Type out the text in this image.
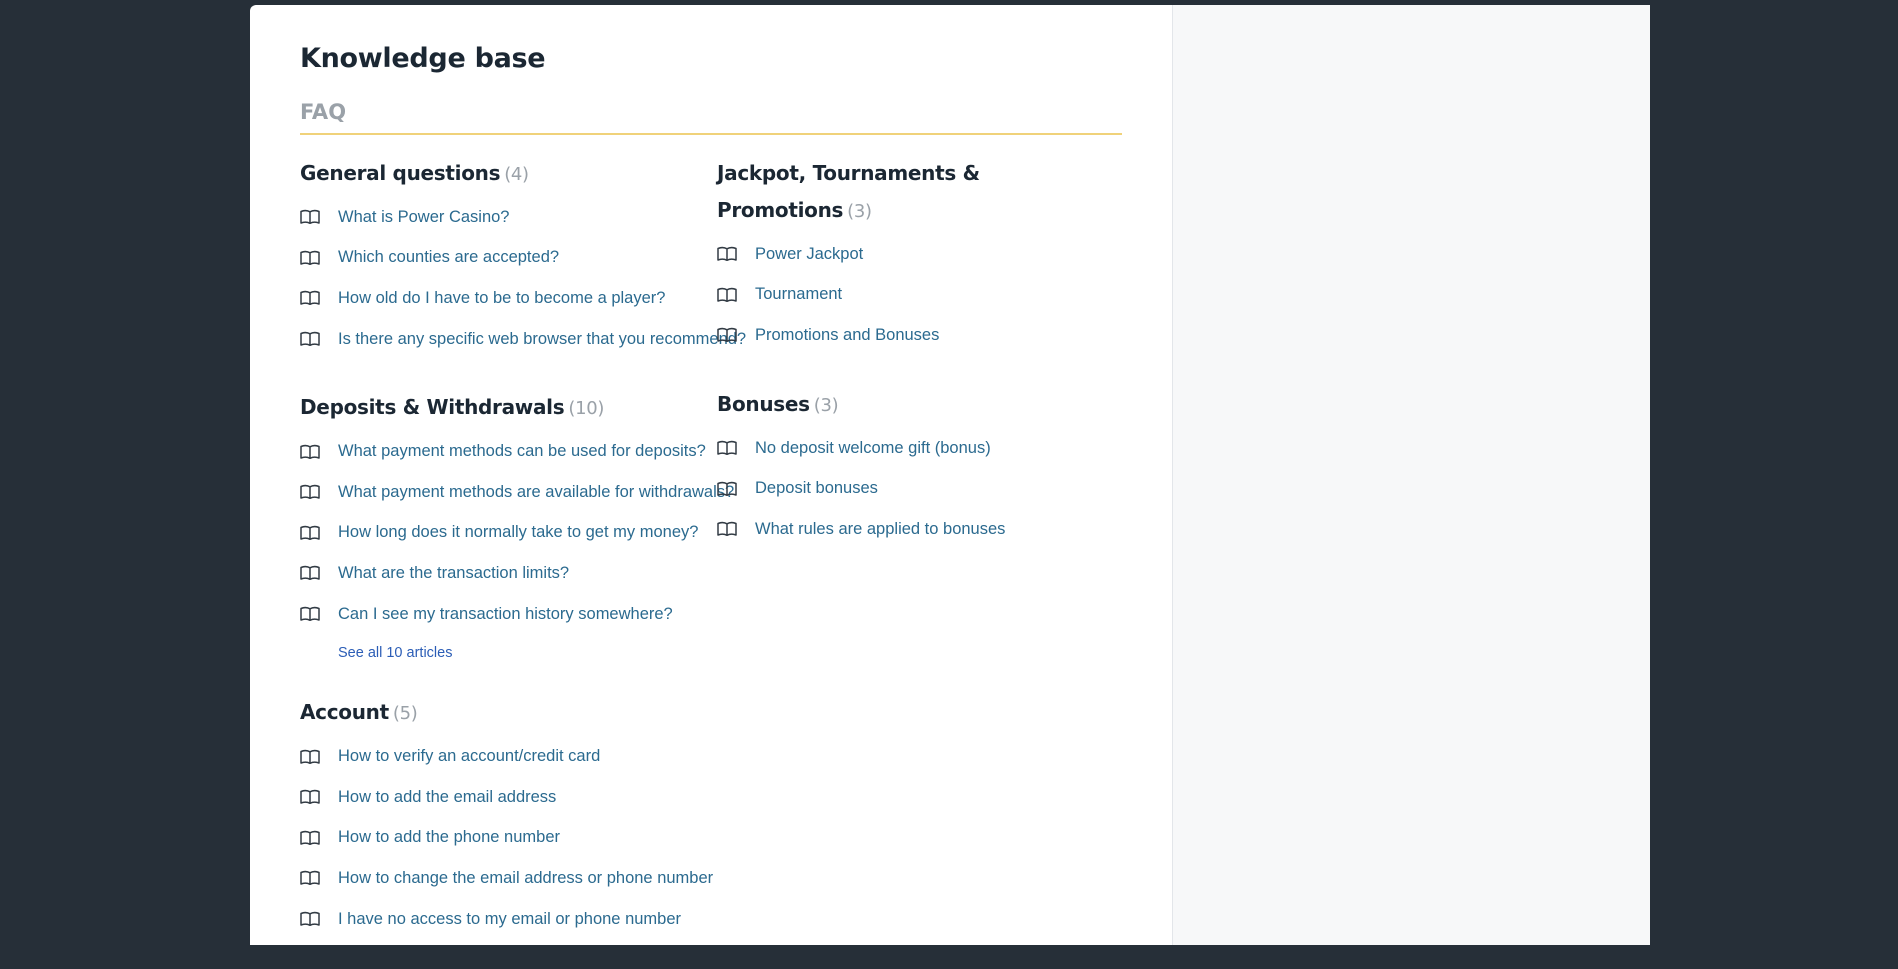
Knowledge base
FAQ
General questions (4)
What is Power Casino?
Which counties are accepted?
How old do I have to be to become a player?
Is there any specific web browser that you recommend?
Deposits & Withdrawals (10)
What payment methods can be used for deposits?
What payment methods are available for withdrawals?
How long does it normally take to get my money?
What are the transaction limits?
Can I see my transaction history somewhere?
See all 10 articles
Account (5)
How to verify an account/credit card
How to add the email address
How to add the phone number
How to change the email address or phone number
I have no access to my email or phone number
Jackpot, Tournaments & Promotions (3)
Power Jackpot
Tournament
Promotions and Bonuses
Bonuses (3)
No deposit welcome gift (bonus)
Deposit bonuses
What rules are applied to bonuses
